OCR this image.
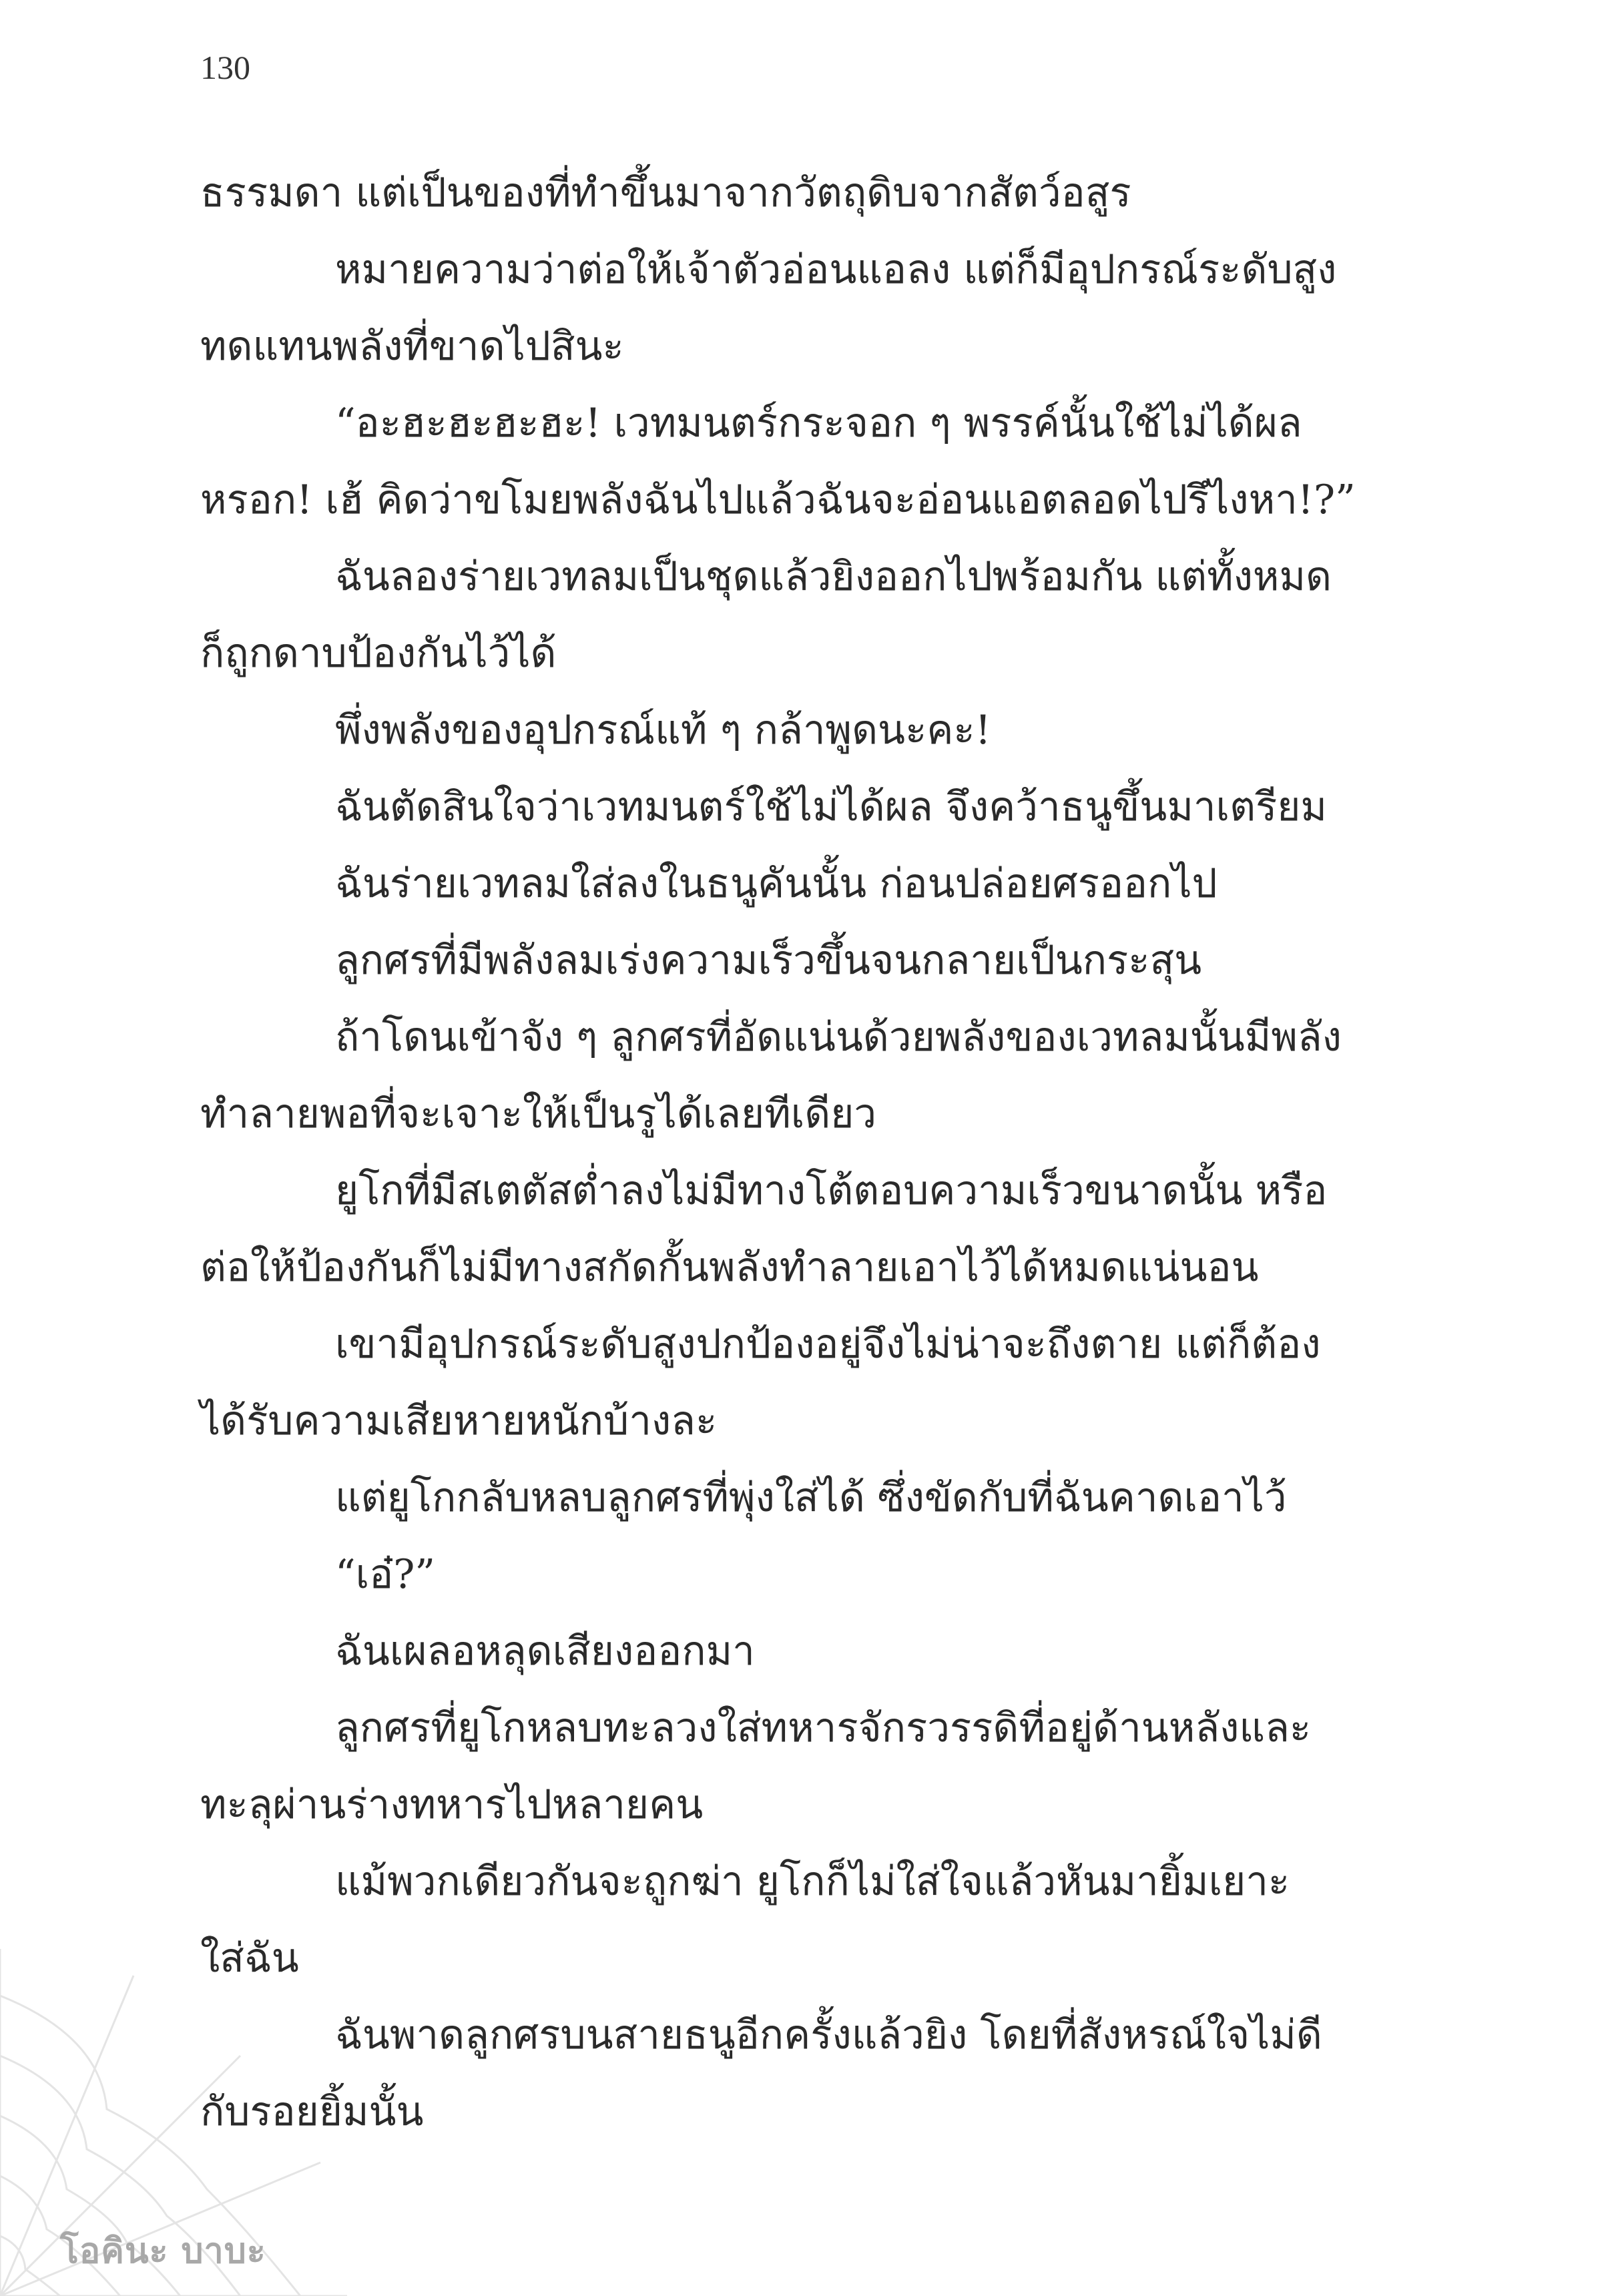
130
ธรรมดา แต่เป็นของที่ทำขึ้นมาจากวัตถุดิบจากสัตว์อสูร
หมายความว่าต่อให้เจ้าตัวอ่อนแอลง แต่ก็มีอุปกรณ์ระดับสูง
ทดแทนพลังที่ขาดไปสินะ
“อะฮะฮะฮะฮะ! เวทมนตร์กระจอก ๆ พรรค์นั้นใช้ไม่ได้ผล
หรอก! เฮ้ คิดว่าขโมยพลังฉันไปแล้วฉันจะอ่อนแอตลอดไปรึไงหา!?”
ฉันลองร่ายเวทลมเป็นชุดแล้วยิงออกไปพร้อมกัน แต่ทั้งหมด
ก็ถูกดาบป้องกันไว้ได้
พึ่งพลังของอุปกรณ์แท้ ๆ กล้าพูดนะคะ!
ฉันตัดสินใจว่าเวทมนตร์ใช้ไม่ได้ผล จึงคว้าธนูขึ้นมาเตรียม
ฉันร่ายเวทลมใส่ลงในธนูคันนั้น ก่อนปล่อยศรออกไป
ลูกศรที่มีพลังลมเร่งความเร็วขึ้นจนกลายเป็นกระสุน
ถ้าโดนเข้าจัง ๆ ลูกศรที่อัดแน่นด้วยพลังของเวทลมนั้นมีพลัง
ทำลายพอที่จะเจาะให้เป็นรูได้เลยทีเดียว
ยูโกที่มีสเตตัสต่ำลงไม่มีทางโต้ตอบความเร็วขนาดนั้น หรือ
ต่อให้ป้องกันก็ไม่มีทางสกัดกั้นพลังทำลายเอาไว้ได้หมดแน่นอน
เขามีอุปกรณ์ระดับสูงปกป้องอยู่จึงไม่น่าจะถึงตาย แต่ก็ต้อง
ได้รับความเสียหายหนักบ้างละ
แต่ยูโกกลับหลบลูกศรที่พุ่งใส่ได้ ซึ่งขัดกับที่ฉันคาดเอาไว้
“เอ๋?”
ฉันเผลอหลุดเสียงออกมา
ลูกศรที่ยูโกหลบทะลวงใส่ทหารจักรวรรดิที่อยู่ด้านหลังและ
ทะลุผ่านร่างทหารไปหลายคน
แม้พวกเดียวกันจะถูกฆ่า ยูโกก็ไม่ใส่ใจแล้วหันมายิ้มเยาะ
ใส่ฉัน
ฉันพาดลูกศรบนสายธนูอีกครั้งแล้วยิง โดยที่สังหรณ์ใจไม่ดี
กับรอยยิ้มนั้น
โอคินะ บาบะ
